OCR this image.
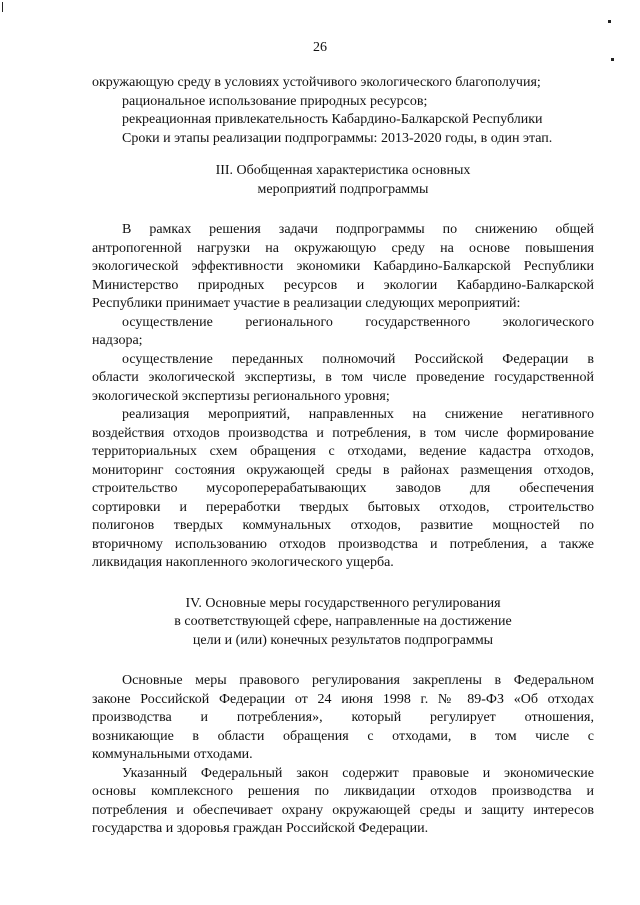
26
окружающую среду в условиях устойчивого экологического благополучия;
рациональное использование природных ресурсов;
рекреационная привлекательность Кабардино-Балкарской Республики
Сроки и этапы реализации подпрограммы: 2013-2020 годы, в один этап.
III. Обобщенная характеристика основных
мероприятий подпрограммы
В рамках решения задачи подпрограммы по снижению общей
антропогенной нагрузки на окружающую среду на основе повышения
экологической эффективности экономики Кабардино-Балкарской Республики
Министерство природных ресурсов и экологии Кабардино-Балкарской
Республики принимает участие в реализации следующих мероприятий:
осуществление регионального государственного экологического
надзора;
осуществление переданных полномочий Российской Федерации в
области экологической экспертизы, в том числе проведение государственной
экологической экспертизы регионального уровня;
реализация мероприятий, направленных на снижение негативного
воздействия отходов производства и потребления, в том числе формирование
территориальных схем обращения с отходами, ведение кадастра отходов,
мониторинг состояния окружающей среды в районах размещения отходов,
строительство мусороперерабатывающих заводов для обеспечения
сортировки и переработки твердых бытовых отходов, строительство
полигонов твердых коммунальных отходов, развитие мощностей по
вторичному использованию отходов производства и потребления, а также
ликвидация накопленного экологического ущерба.
IV. Основные меры государственного регулирования
в соответствующей сфере, направленные на достижение
цели и (или) конечных результатов подпрограммы
Основные меры правового регулирования закреплены в Федеральном
законе Российской Федерации от 24 июня 1998 г. № 89-ФЗ «Об отходах
производства и потребления», который регулирует отношения,
возникающие в области обращения с отходами, в том числе с
коммунальными отходами.
Указанный Федеральный закон содержит правовые и экономические
основы комплексного решения по ликвидации отходов производства и
потребления и обеспечивает охрану окружающей среды и защиту интересов
государства и здоровья граждан Российской Федерации.
